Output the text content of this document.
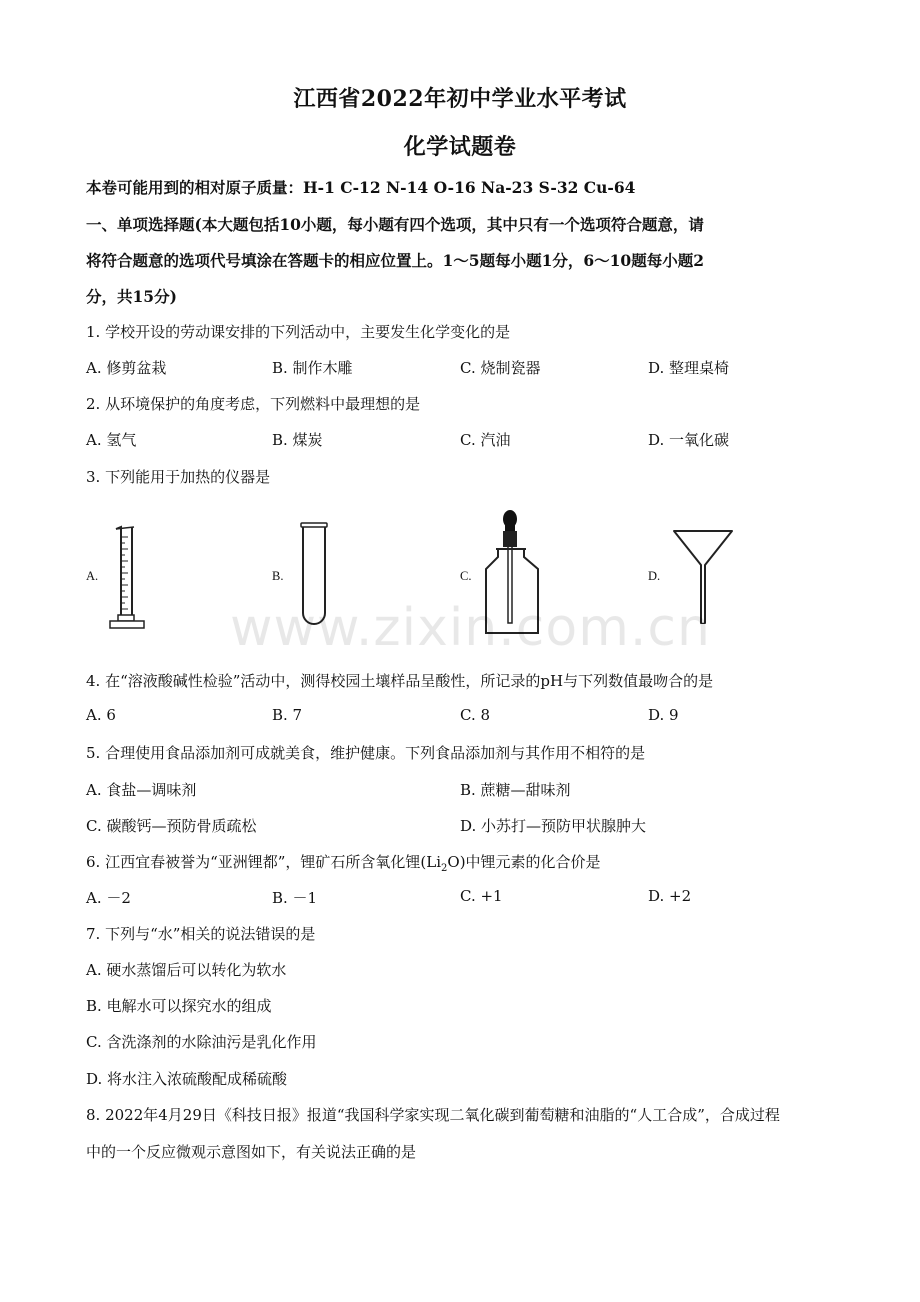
江西省2022年初中学业水平考试
化学试题卷
本卷可能用到的相对原子质量：H-1 C-12 N-14 O-16 Na-23 S-32 Cu-64
一、单项选择题(本大题包括10小题，每小题有四个选项，其中只有一个选项符合题意，请
将符合题意的选项代号填涂在答题卡的相应位置上。1～5题每小题1分，6～10题每小题2
分，共15分)
1. 学校开设的劳动课安排的下列活动中，主要发生化学变化的是
A. 修剪盆栽	B. 制作木雕	C. 烧制瓷器	D. 整理桌椅
2. 从环境保护的角度考虑，下列燃料中最理想的是
A. 氢气	B. 煤炭	C. 汽油	D. 一氧化碳
3. 下列能用于加热的仪器是
A.	B.	C.	D.
www.zixin.com.cn
4. 在“溶液酸碱性检验”活动中，测得校园土壤样品呈酸性，所记录的pH与下列数值最吻合的是
A. 6	B. 7	C. 8	D. 9
5. 合理使用食品添加剂可成就美食，维护健康。下列食品添加剂与其作用不相符的是
A. 食盐—调味剂	B. 蔗糖—甜味剂
C. 碳酸钙—预防骨质疏松	D. 小苏打—预防甲状腺肿大
6. 江西宜春被誉为“亚洲锂都”，锂矿石所含氧化锂$(Li_2O)$中锂元素的化合价是
A. －2	B. －1	C. +1	D. +2
7. 下列与“水”相关的说法错误的是
A. 硬水蒸馏后可以转化为软水
B. 电解水可以探究水的组成
C. 含洗涤剂的水除油污是乳化作用
D. 将水注入浓硫酸配成稀硫酸
8. 2022年4月29日《科技日报》报道“我国科学家实现二氧化碳到葡萄糖和油脂的“人工合成”，合成过程
中的一个反应微观示意图如下，有关说法正确的是
